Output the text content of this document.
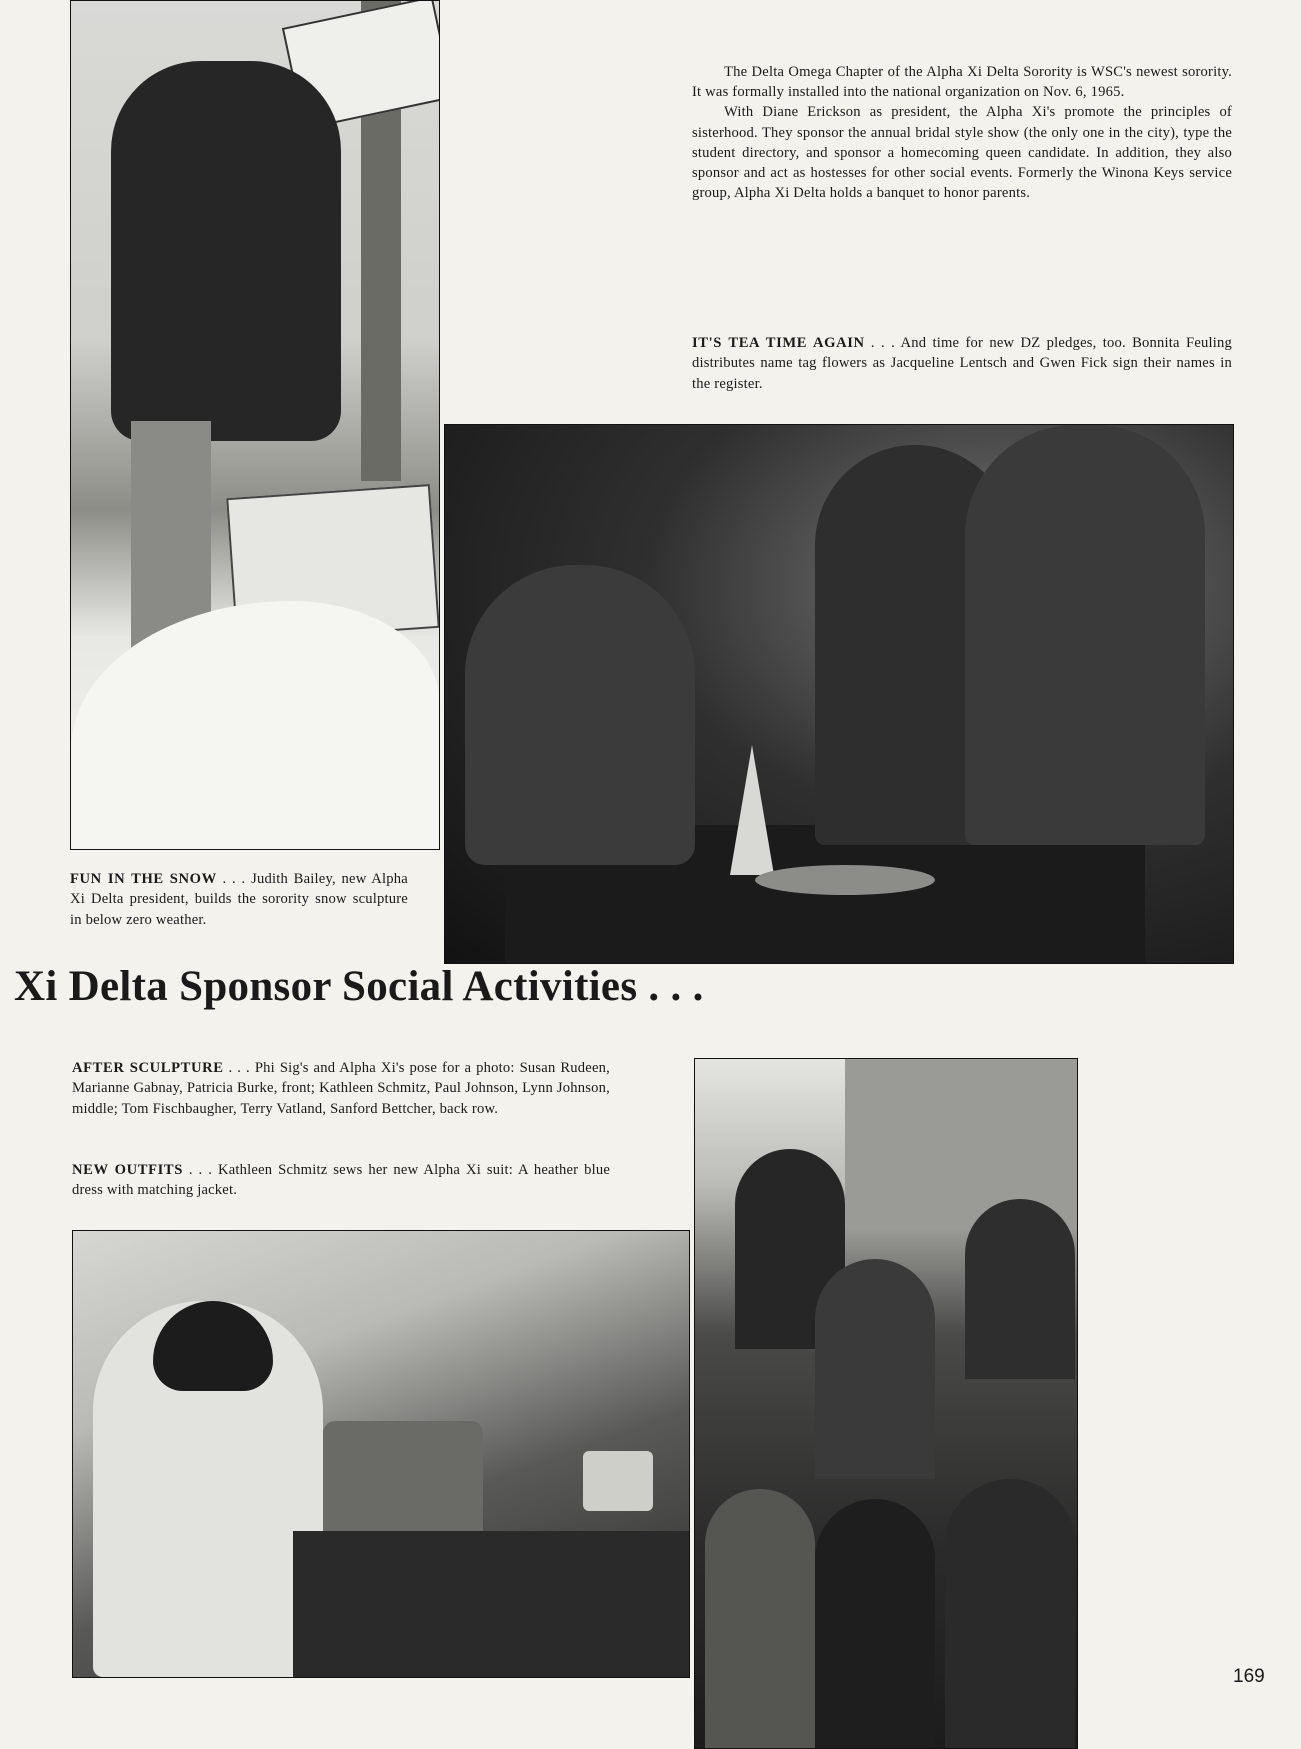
The Delta Omega Chapter of the Alpha Xi Delta Sorority is WSC's newest sorority. It was formally installed into the national organization on Nov. 6, 1965.

With Diane Erickson as president, the Alpha Xi's promote the principles of sisterhood. They sponsor the annual bridal style show (the only one in the city), type the student directory, and sponsor a homecoming queen candidate. In addition, they also sponsor and act as hostesses for other social events. Formerly the Winona Keys service group, Alpha Xi Delta holds a banquet to honor parents.

IT'S TEA TIME AGAIN . . . And time for new DZ pledges, too. Bonnita Feuling distributes name tag flowers as Jacqueline Lentsch and Gwen Fick sign their names in the register.
FUN IN THE SNOW . . . Judith Bailey, new Alpha Xi Delta president, builds the sorority snow sculpture in below zero weather.
Xi Delta Sponsor Social Activities . . .
AFTER SCULPTURE . . . Phi Sig's and Alpha Xi's pose for a photo: Susan Rudeen, Marianne Gabnay, Patricia Burke, front; Kathleen Schmitz, Paul Johnson, Lynn Johnson, middle; Tom Fischbaugher, Terry Vatland, Sanford Bettcher, back row.
NEW OUTFITS . . . Kathleen Schmitz sews her new Alpha Xi suit: A heather blue dress with matching jacket.
169
